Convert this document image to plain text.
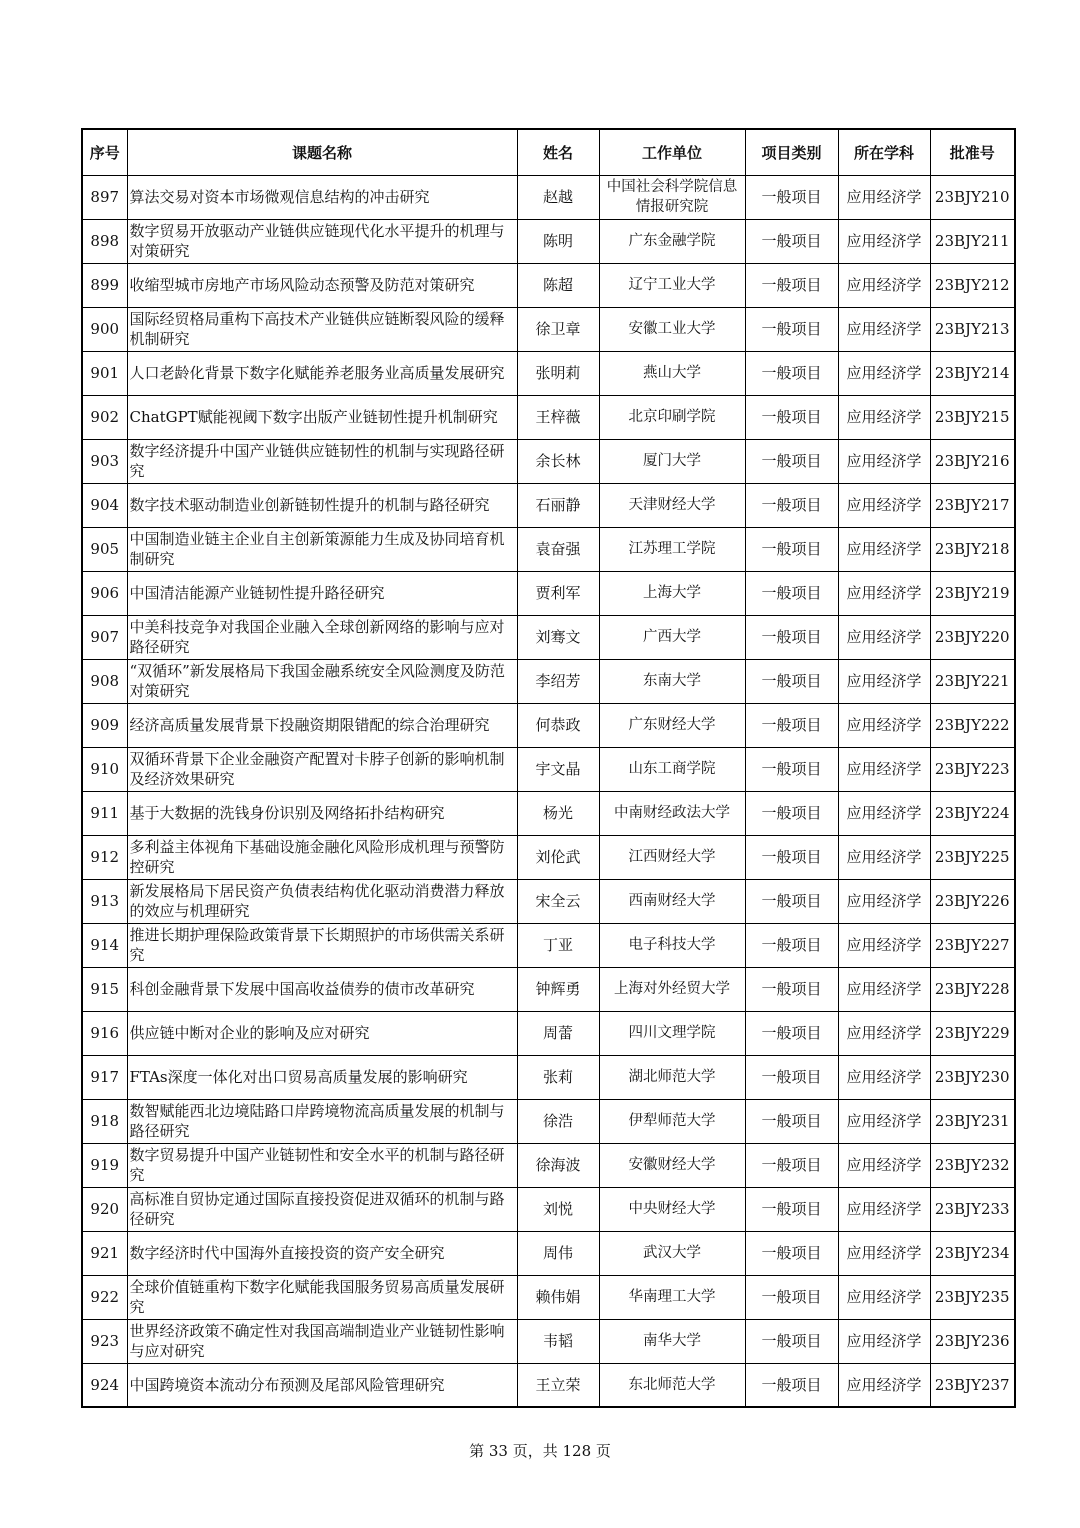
序号	课题名称	姓名	工作单位	项目类别	所在学科	批准号
897	算法交易对资本市场微观信息结构的冲击研究	赵越	中国社会科学院信息情报研究院	一般项目	应用经济学	23BJY210
898	数字贸易开放驱动产业链供应链现代化水平提升的机理与对策研究	陈明	广东金融学院	一般项目	应用经济学	23BJY211
899	收缩型城市房地产市场风险动态预警及防范对策研究	陈超	辽宁工业大学	一般项目	应用经济学	23BJY212
900	国际经贸格局重构下高技术产业链供应链断裂风险的缓释机制研究	徐卫章	安徽工业大学	一般项目	应用经济学	23BJY213
901	人口老龄化背景下数字化赋能养老服务业高质量发展研究	张明莉	燕山大学	一般项目	应用经济学	23BJY214
902	ChatGPT赋能视阈下数字出版产业链韧性提升机制研究	王梓薇	北京印刷学院	一般项目	应用经济学	23BJY215
903	数字经济提升中国产业链供应链韧性的机制与实现路径研究	余长林	厦门大学	一般项目	应用经济学	23BJY216
904	数字技术驱动制造业创新链韧性提升的机制与路径研究	石丽静	天津财经大学	一般项目	应用经济学	23BJY217
905	中国制造业链主企业自主创新策源能力生成及协同培育机制研究	袁奋强	江苏理工学院	一般项目	应用经济学	23BJY218
906	中国清洁能源产业链韧性提升路径研究	贾利军	上海大学	一般项目	应用经济学	23BJY219
907	中美科技竞争对我国企业融入全球创新网络的影响与应对路径研究	刘骞文	广西大学	一般项目	应用经济学	23BJY220
908	“双循环”新发展格局下我国金融系统安全风险测度及防范对策研究	李绍芳	东南大学	一般项目	应用经济学	23BJY221
909	经济高质量发展背景下投融资期限错配的综合治理研究	何恭政	广东财经大学	一般项目	应用经济学	23BJY222
910	双循环背景下企业金融资产配置对卡脖子创新的影响机制及经济效果研究	宇文晶	山东工商学院	一般项目	应用经济学	23BJY223
911	基于大数据的洗钱身份识别及网络拓扑结构研究	杨光	中南财经政法大学	一般项目	应用经济学	23BJY224
912	多利益主体视角下基础设施金融化风险形成机理与预警防控研究	刘伦武	江西财经大学	一般项目	应用经济学	23BJY225
913	新发展格局下居民资产负债表结构优化驱动消费潜力释放的效应与机理研究	宋全云	西南财经大学	一般项目	应用经济学	23BJY226
914	推进长期护理保险政策背景下长期照护的市场供需关系研究	丁亚	电子科技大学	一般项目	应用经济学	23BJY227
915	科创金融背景下发展中国高收益债券的债市改革研究	钟辉勇	上海对外经贸大学	一般项目	应用经济学	23BJY228
916	供应链中断对企业的影响及应对研究	周蕾	四川文理学院	一般项目	应用经济学	23BJY229
917	FTAs深度一体化对出口贸易高质量发展的影响研究	张莉	湖北师范大学	一般项目	应用经济学	23BJY230
918	数智赋能西北边境陆路口岸跨境物流高质量发展的机制与路径研究	徐浩	伊犁师范大学	一般项目	应用经济学	23BJY231
919	数字贸易提升中国产业链韧性和安全水平的机制与路径研究	徐海波	安徽财经大学	一般项目	应用经济学	23BJY232
920	高标准自贸协定通过国际直接投资促进双循环的机制与路径研究	刘悦	中央财经大学	一般项目	应用经济学	23BJY233
921	数字经济时代中国海外直接投资的资产安全研究	周伟	武汉大学	一般项目	应用经济学	23BJY234
922	全球价值链重构下数字化赋能我国服务贸易高质量发展研究	赖伟娟	华南理工大学	一般项目	应用经济学	23BJY235
923	世界经济政策不确定性对我国高端制造业产业链韧性影响与应对研究	韦韬	南华大学	一般项目	应用经济学	23BJY236
924	中国跨境资本流动分布预测及尾部风险管理研究	王立荣	东北师范大学	一般项目	应用经济学	23BJY237
第 33 页，共 128 页
